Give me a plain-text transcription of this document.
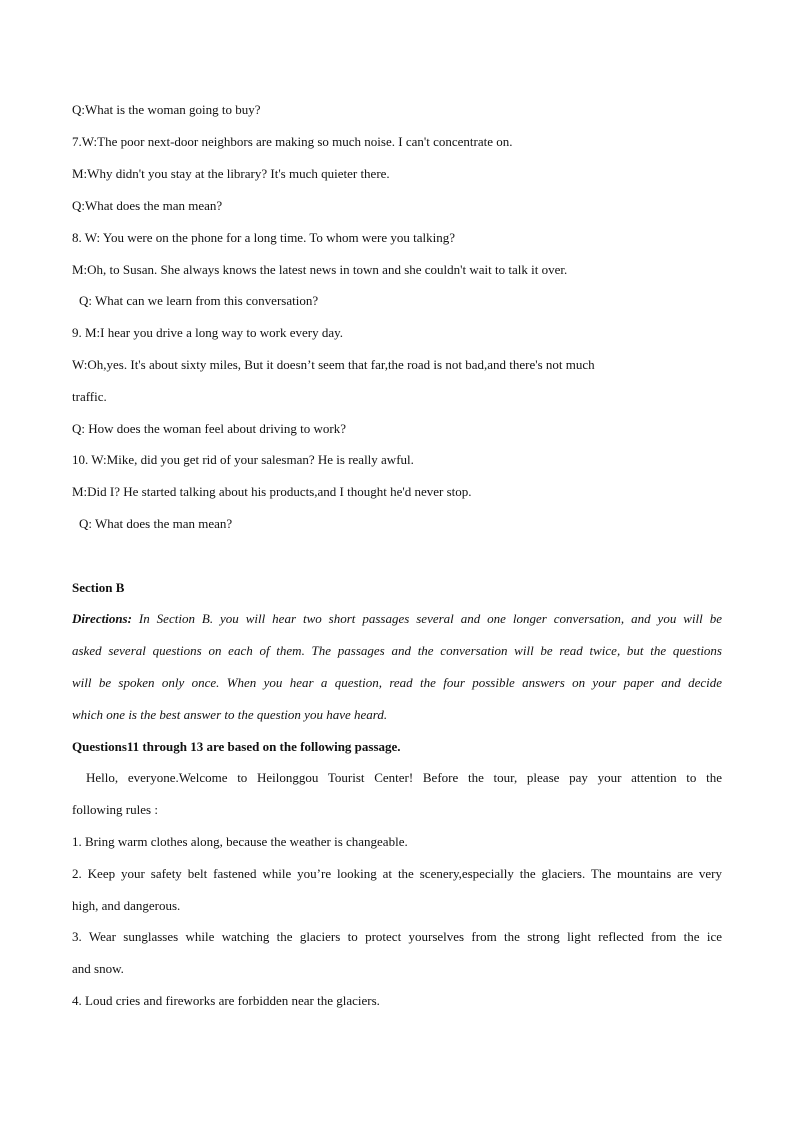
Q:What is the woman going to buy?
7.W:The poor next-door neighbors are making so much noise. I can't concentrate on.
M:Why didn't you stay at the library? It's much quieter there.
Q:What does the man mean?
8. W: You were on the phone for a long time. To whom were you talking?
M:Oh, to Susan. She always knows the latest news in town and she couldn't wait to talk it over.
Q: What can we learn from this conversation?
9. M:I hear you drive a long way to work every day.
W:Oh,yes. It's about sixty miles, But it doesn’t seem that far,the road is not bad,and there's not much
traffic.
Q: How does the woman feel about driving to work?
10. W:Mike, did you get rid of your salesman? He is really awful.
M:Did I? He started talking about his products,and I thought he'd never stop.
Q: What does the man mean?
Section B
Directions: In Section B. you will hear two short passages several and one longer conversation, and you will be
asked several questions on each of them. The passages and the conversation will be read twice, but the questions
will be spoken only once. When you hear a question, read the four possible answers on your paper and decide
which one is the best answer to the question you have heard.
Questions11 through 13 are based on the following passage.
Hello, everyone.Welcome to Heilonggou Tourist Center! Before the tour, please pay your attention to the
following rules :
1. Bring warm clothes along, because the weather is changeable.
2. Keep your safety belt fastened while you’re looking at the scenery,especially the glaciers. The mountains are very
high, and dangerous.
3. Wear sunglasses while watching the glaciers to protect yourselves from the strong light reflected from the ice
and snow.
4. Loud cries and fireworks are forbidden near the glaciers.
